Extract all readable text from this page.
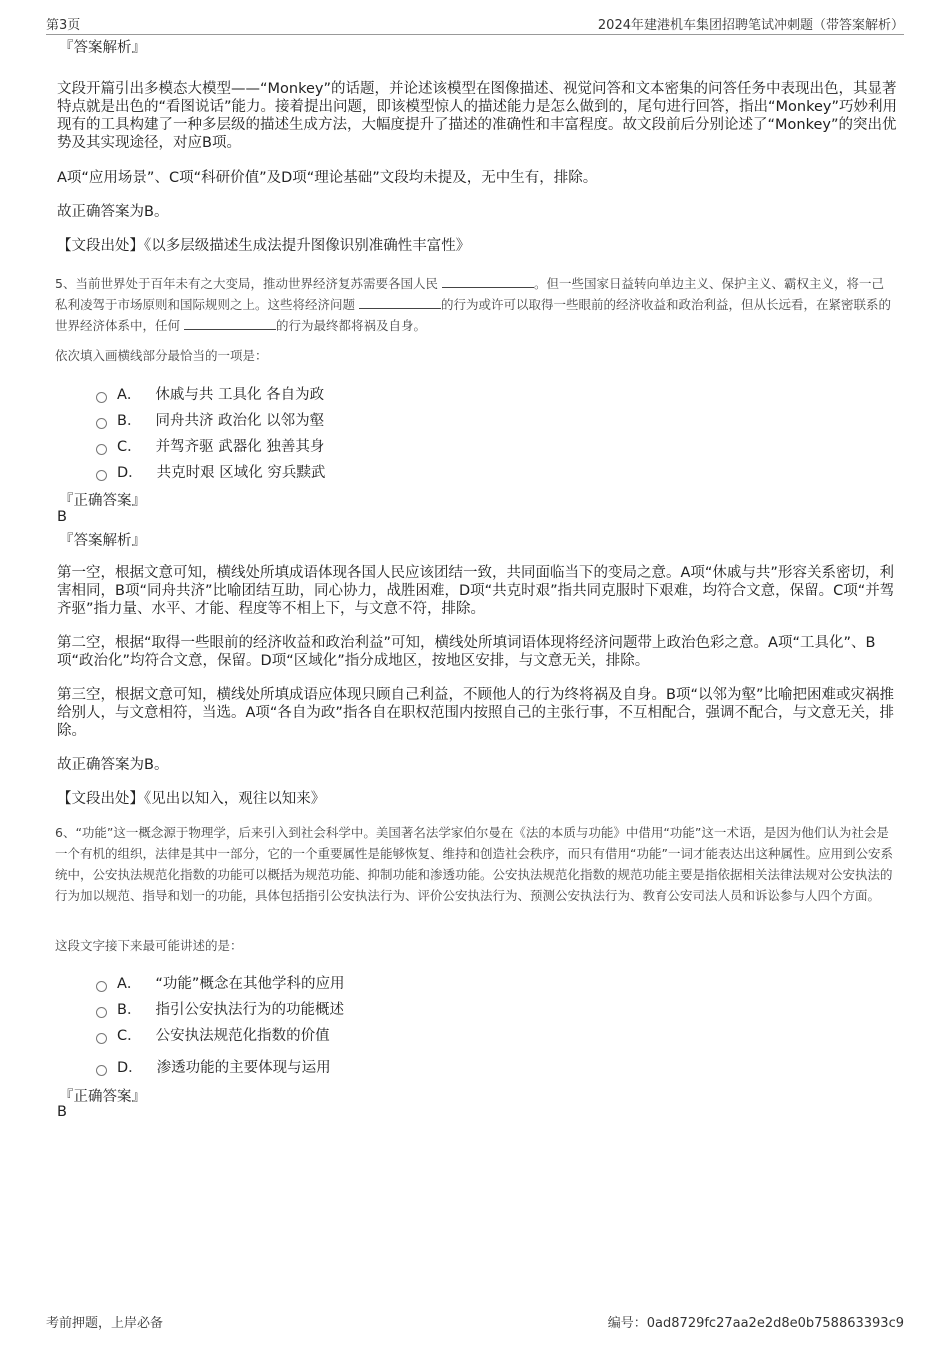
第3页	2024年建港机车集团招聘笔试冲刺题（带答案解析）
『答案解析』

文段开篇引出多模态大模型——“Monkey”的话题，并论述该模型在图像描述、视觉问答和文本密集的问答任务中表现出色，其显著特点就是出色的“看图说话”能力。接着提出问题，即该模型惊人的描述能力是怎么做到的，尾句进行回答，指出“Monkey”巧妙利用现有的工具构建了一种多层级的描述生成方法，大幅度提升了描述的准确性和丰富程度。故文段前后分别论述了“Monkey”的突出优势及其实现途径，对应B项。

A项“应用场景”、C项“科研价值”及D项“理论基础”文段均未提及，无中生有，排除。

故正确答案为B。

【文段出处】《以多层级描述生成法提升图像识别准确性丰富性》

5、当前世界处于百年未有之大变局，推动世界经济复苏需要各国人民	。但一些国家日益转向单边主义、保护主义、霸权主义，将一己私利凌驾于市场原则和国际规则之上。这些将经济问题	的行为或许可以取得一些眼前的经济收益和政治利益，但从长远看，在紧密联系的世界经济体系中，任何	的行为最终都将祸及自身。

依次填入画横线部分最恰当的一项是：

A． 休戚与共 工具化 各自为政
B． 同舟共济 政治化 以邻为壑
C． 并驾齐驱 武器化 独善其身
D． 共克时艰 区域化 穷兵黩武
『正确答案』
B
『答案解析』

第一空，根据文意可知，横线处所填成语体现各国人民应该团结一致，共同面临当下的变局之意。A项“休戚与共”形容关系密切，利害相同，B项“同舟共济”比喻团结互助，同心协力，战胜困难，D项“共克时艰”指共同克服时下艰难，均符合文意，保留。C项“并驾齐驱”指力量、水平、才能、程度等不相上下，与文意不符，排除。

第二空，根据“取得一些眼前的经济收益和政治利益”可知，横线处所填词语体现将经济问题带上政治色彩之意。A项“工具化”、B项“政治化”均符合文意，保留。D项“区域化”指分成地区，按地区安排，与文意无关，排除。

第三空，根据文意可知，横线处所填成语应体现只顾自己利益，不顾他人的行为终将祸及自身。B项“以邻为壑”比喻把困难或灾祸推给别人，与文意相符，当选。A项“各自为政”指各自在职权范围内按照自己的主张行事，不互相配合，强调不配合，与文意无关，排除。

故正确答案为B。

【文段出处】《见出以知入，观往以知来》

6、“功能”这一概念源于物理学，后来引入到社会科学中。美国著名法学家伯尔曼在《法的本质与功能》中借用“功能”这一术语，是因为他们认为社会是一个有机的组织，法律是其中一部分，它的一个重要属性是能够恢复、维持和创造社会秩序，而只有借用“功能”一词才能表达出这种属性。应用到公安系统中，公安执法规范化指数的功能可以概括为规范功能、抑制功能和渗透功能。公安执法规范化指数的规范功能主要是指依据相关法律法规对公安执法的行为加以规范、指导和划一的功能，具体包括指引公安执法行为、评价公安执法行为、预测公安执法行为、教育公安司法人员和诉讼参与人四个方面。

这段文字接下来最可能讲述的是：

A． “功能”概念在其他学科的应用
B． 指引公安执法行为的功能概述
C． 公安执法规范化指数的价值
D． 渗透功能的主要体现与运用
『正确答案』
B
考前押题，上岸必备	编号：0ad8729fc27aa2e2d8e0b758863393c9
